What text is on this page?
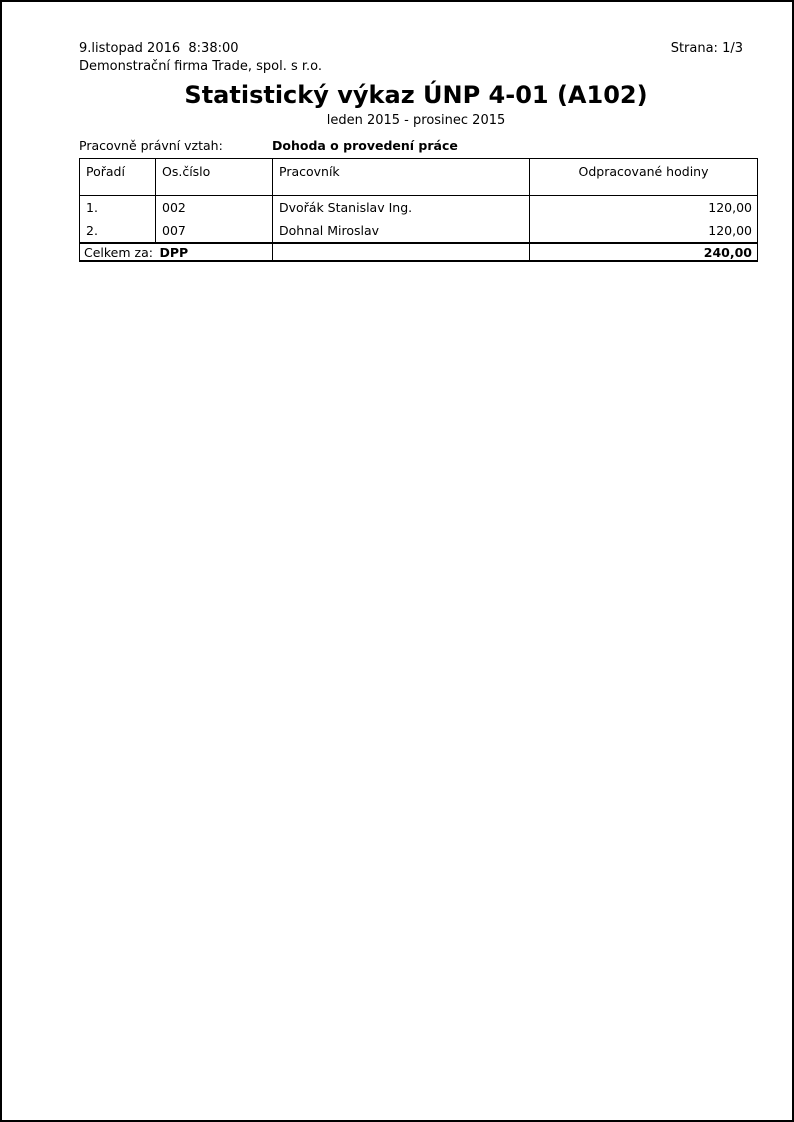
9.listopad 2016  8:38:00
Demonstrační firma Trade, spol. s r.o.
Strana: 1/3
Statistický výkaz ÚNP 4-01 (A102)
leden 2015 - prosinec 2015
Pracovně právní vztah:	Dohoda o provedení práce
Pořadí	Os.číslo	Pracovník	Odpracované hodiny
1.	002	Dvořák Stanislav Ing.	120,00
2.	007	Dohnal Miroslav	120,00
Celkem za:	DPP		240,00
